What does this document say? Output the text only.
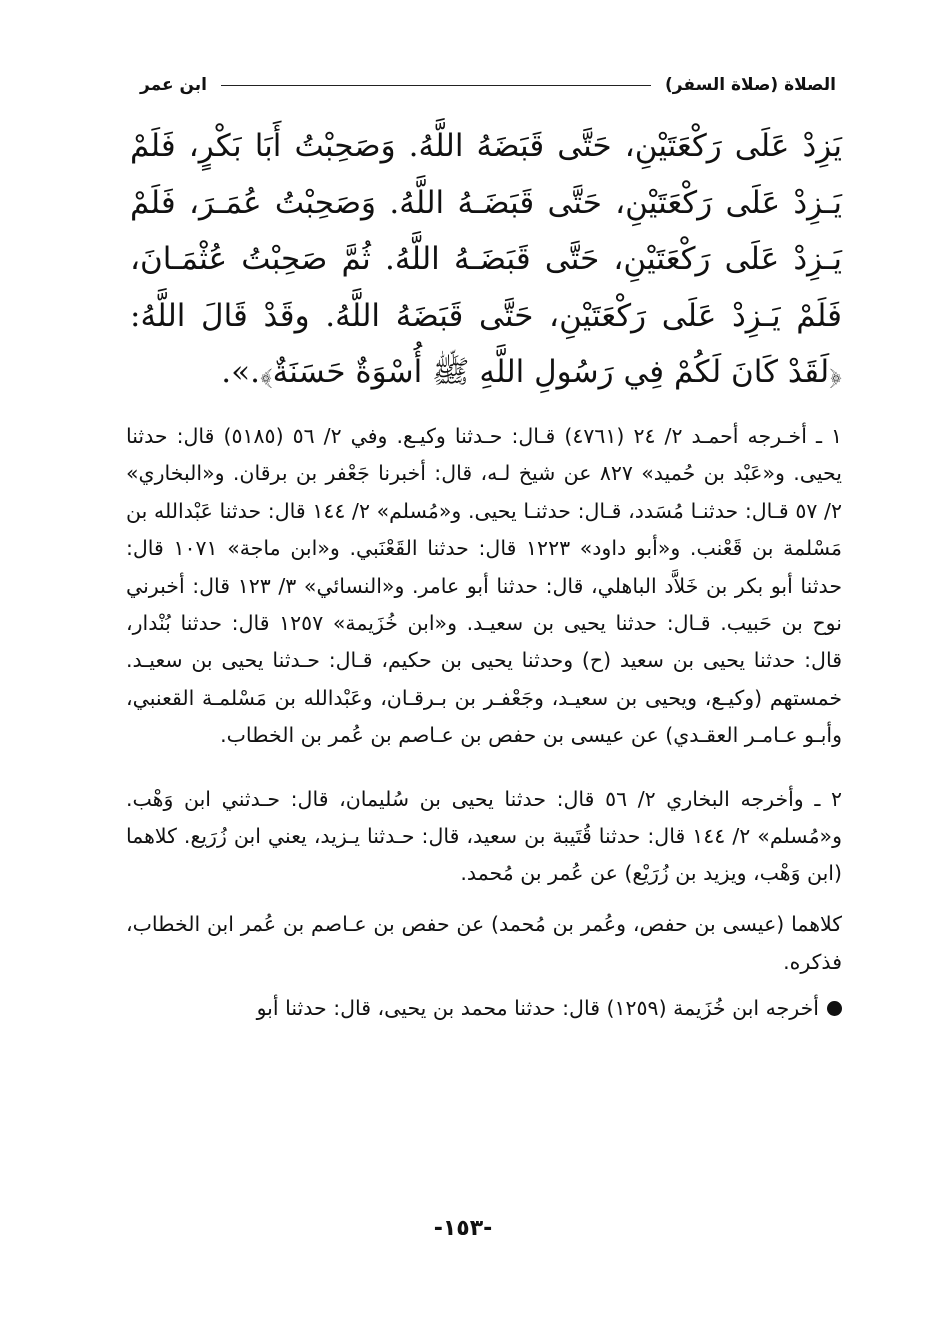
الصلاة (صلاة السفر)
ابن عمر
يَزِدْ عَلَى رَكْعَتَيْنِ، حَتَّى قَبَضَهُ اللَّهُ. وَصَحِبْتُ أَبَا بَكْرٍ، فَلَمْ يَـزِدْ عَلَى رَكْعَتَيْنِ، حَتَّى قَبَضَـهُ اللَّهُ. وَصَحِبْتُ عُمَـرَ، فَلَمْ يَـزِدْ عَلَى رَكْعَتَيْنِ، حَتَّى قَبَضَـهُ اللَّهُ. ثُمَّ صَحِبْتُ عُثْمَـانَ، فَلَمْ يَـزِدْ عَلَى رَكْعَتَيْنِ، حَتَّى قَبَضَهُ اللَّهُ. وقَدْ قَالَ اللَّهُ: ﴿لَقَدْ كَانَ لَكُمْ فِي رَسُولِ اللَّهِ ﷺ أُسْوَةٌ حَسَنَةٌ﴾.».

١ ـ أخـرجه أحمـد ٢/ ٢٤ (٤٧٦١) قـال: حـدثنا وكيـع. وفي ٢/ ٥٦ (٥١٨٥) قال: حدثنا يحيى. و«عَبْد بن حُميد» ٨٢٧ عن شيخ لـه، قال: أخبرنا جَعْفر بن برقان. و«البخاري» ٢/ ٥٧ قـال: حدثنـا مُسَدد، قـال: حدثنـا يحيى. و«مُسلم» ٢/ ١٤٤ قال: حدثنا عَبْدالله بن مَسْلمة بن قَعْنب. و«أبو داود» ١٢٢٣ قال: حدثنا القَعْنَبي. و«ابن ماجة» ١٠٧١ قال: حدثنا أبو بكر بن خَلاَّد الباهلي، قال: حدثنا أبو عامر. و«النسائي» ٣/ ١٢٣ قال: أخبرني نوح بن حَبيب. قـال: حدثنا يحيى بن سعيـد. و«ابن خُزَيمة» ١٢٥٧ قال: حدثنا بُنْدار، قال: حدثنا يحيى بن سعيد (ح) وحدثنا يحيى بن حكيم، قـال: حـدثنا يحيى بن سعيـد. خمستهم (وكيـع، ويحيى بن سعيـد، وجَعْفـر بن بـرقـان، وعَبْدالله بن مَسْلمـة القعنبي، وأبـو عـامـر العقـدي) عن عيسى بن حفص بن عـاصم بن عُمر بن الخطاب.

٢ ـ وأخرجه البخاري ٢/ ٥٦ قال: حدثنا يحيى بن سُليمان، قال: حـدثني ابن وَهْب. و«مُسلم» ٢/ ١٤٤ قال: حدثنا قُتَيبة بن سعيد، قال: حـدثنا يـزيد، يعني ابن زُرَيع. كلاهما (ابن وَهْب، ويزيد بن زُرَيْع) عن عُمر بن مُحمد.

كلاهما (عيسى بن حفص، وعُمر بن مُحمد) عن حفص بن عـاصم بن عُمر ابن الخطاب، فذكره.

أخرجه ابن خُزَيمة (١٢٥٩) قال: حدثنا محمد بن يحيى، قال: حدثنا أبو

-١٥٣-
